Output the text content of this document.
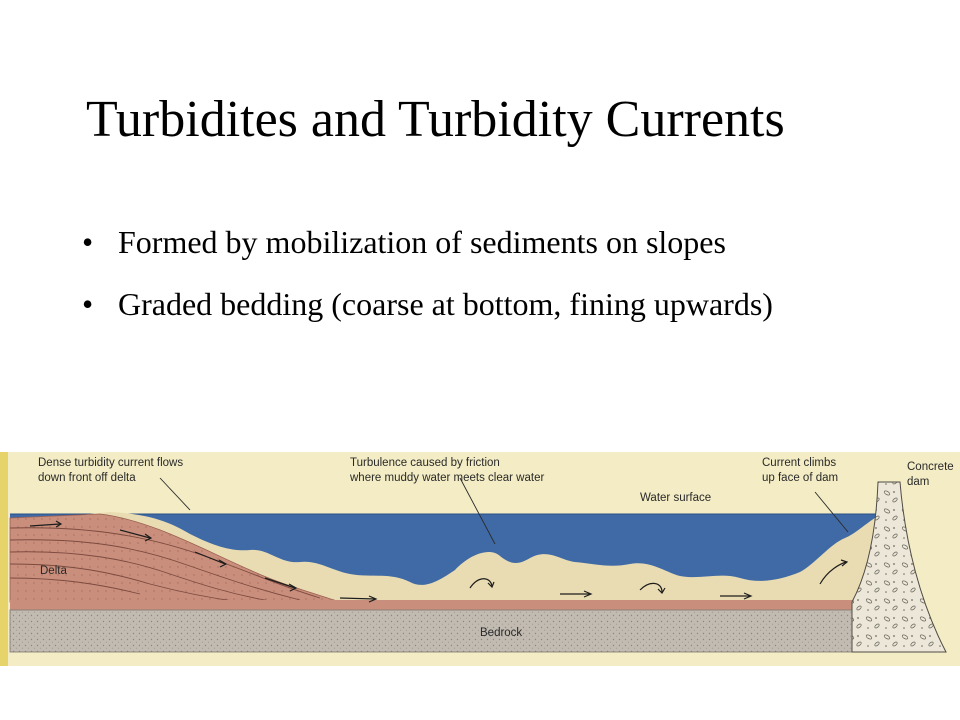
Turbidites and Turbidity Currents
• Formed by mobilization of sediments on slopes
• Graded bedding (coarse at bottom, fining upwards)
Dense turbidity current flows
down front off delta
Turbulence caused by friction
where muddy water meets clear water
Current climbs
up face of dam
Concrete
dam
Water surface
Delta
Bedrock
